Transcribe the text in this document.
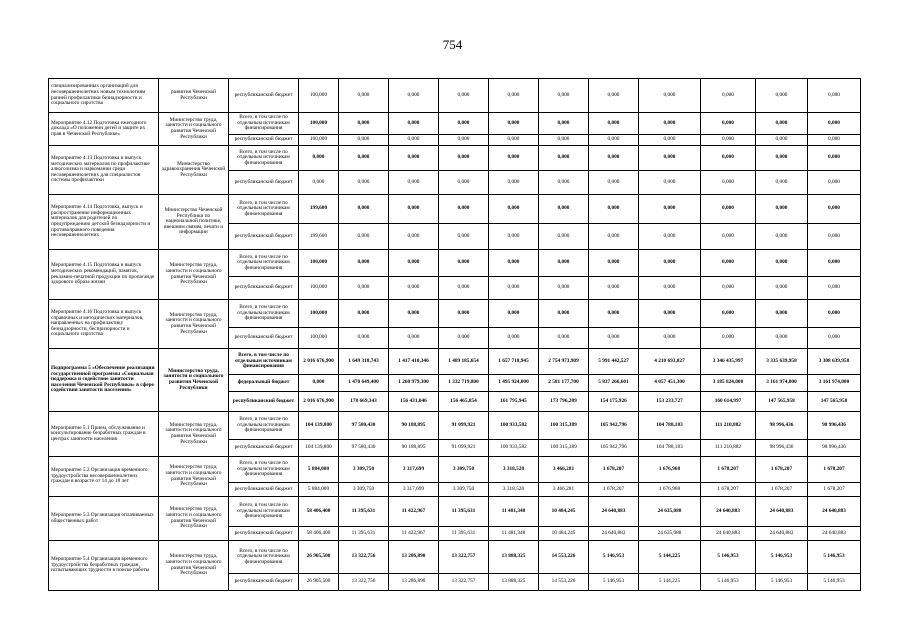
754
специализированных организаций для несовершеннолетних новым технологиям ранней профилактики безнадзорности и социального сиротства	развития Чеченской Республики	республиканский бюджет	100,000	0,000	0,000	0,000	0,000	0,000	0,000	0,000	0,000	0,000	0,000
Мероприятие 4.12 Подготовка ежегодного доклада «О положении детей и защите их прав в Чеченской Республике»	Министерство труда, занятости и социального развития Чеченской Республики	Всего, в том числе по отдельным источникам финансирования	100,000	0,000	0,000	0,000	0,000	0,000	0,000	0,000	0,000	0,000	0,000
		республиканский бюджет	100,000	0,000	0,000	0,000	0,000	0,000	0,000	0,000	0,000	0,000	0,000
Мероприятие 4.13 Подготовка и выпуск методических материалов по профилактике алкоголизма и наркомании среди несовершеннолетних для специалистов системы профилактики	Министерство здравоохранения Чеченской Республики	Всего, в том числе по отдельным источникам финансирования	0,000	0,000	0,000	0,000	0,000	0,000	0,000	0,000	0,000	0,000	0,000
		республиканский бюджет	0,000	0,000	0,000	0,000	0,000	0,000	0,000	0,000	0,000	0,000	0,000
Мероприятие 4.14 Подготовка, выпуск и распространение информационных материалов для родителей по предупреждению детской безнадзорности и противоправного поведения несовершеннолетних	Министерство Чеченской Республики по национальной политике, внешним связям, печати и информации	Всего, в том числе по отдельным источникам финансирования	199,600	0,000	0,000	0,000	0,000	0,000	0,000	0,000	0,000	0,000	0,000
		республиканский бюджет	199,600	0,000	0,000	0,000	0,000	0,000	0,000	0,000	0,000	0,000	0,000
Мероприятие 4.15 Подготовка и выпуск методических рекомендаций, памяток, рекламно-печатной продукции по пропаганде здорового образа жизни	Министерство труда, занятости и социального развития Чеченской Республики	Всего, в том числе по отдельным источникам финансирования	100,000	0,000	0,000	0,000	0,000	0,000	0,000	0,000	0,000	0,000	0,000
		республиканский бюджет	100,000	0,000	0,000	0,000	0,000	0,000	0,000	0,000	0,000	0,000	0,000
Мероприятие 4.16 Подготовка и выпуск справочных и методических материалов, направленных на профилактику безнадзорности, беспризорности и социального сиротства	Министерство труда, занятости и социального развития Чеченской Республики	Всего, в том числе по отдельным источникам финансирования	100,000	0,000	0,000	0,000	0,000	0,000	0,000	0,000	0,000	0,000	0,000
		республиканский бюджет	100,000	0,000	0,000	0,000	0,000	0,000	0,000	0,000	0,000	0,000	0,000
Подпрограмма 5 «Обеспечение реализации государственной программы «Социальная поддержка и содействие занятости населения Чеченской Республики» в сфере содействия занятости населения»	Министерство труда, занятости и социального развития Чеченской Республики	Всего, в том числе по отдельным источникам финансирования	2 016 676,900	1 649 318,743	1 417 410,346	1 489 185,654	1 657 718,945	2 754 973,909	5 991 442,527	4 210 693,027	3 346 435,997	3 335 639,958	3 308 639,958
		федеральный бюджет	0,000	1 470 649,400	1 260 979,300	1 332 719,800	1 495 924,000	2 581 177,700	5 837 266,601	4 057 451,300	3 185 824,000	3 161 974,000	3 161 974,000
		республиканский бюджет	2 016 676,900	178 669,343	156 431,046	156 465,854	161 795,945	173 796,209	154 175,926	153 233,727	160 614,997	147 565,958	147 565,958
Мероприятие 5.1 Прием, обслуживание и консультирование безработных граждан в центрах занятости населения	Министерство труда, занятости и социального развития Чеченской Республики	Всего, в том числе по отдельным источникам финансирования	104 139,800	97 580,430	90 188,895	91 099,921	100 933,582	100 315,389	105 942,796	104 788,183	111 210,882	98 996,436	98 996,436
		республиканский бюджет	104 139,800	97 580,430	90 188,895	91 099,921	100 933,582	100 315,389	105 942,796	104 788,183	111 210,882	98 996,436	98 996,436
Мероприятие 5.2 Организация временного трудоустройства несовершеннолетних граждан в возрасте от 14 до 18 лет	Министерство труда, занятости и социального развития Чеченской Республики	Всего, в том числе по отдельным источникам финансирования	5 884,000	3 309,750	3 317,699	3 309,750	3 318,520	3 466,281	1 678,207	1 676,968	1 678,207	1 678,207	1 678,207
		республиканский бюджет	5 884,000	3 309,750	3 317,699	3 309,750	3 318,520	3 466,281	1 678,207	1 676,968	1 678,207	1 678,207	1 678,207
Мероприятие 5.3 Организация оплачиваемых общественных работ	Министерство труда, занятости и социального развития Чеченской Республики	Всего, в том числе по отдельным источникам финансирования	58 406,400	11 395,631	11 422,967	11 395,631	11 481,348	10 484,245	24 640,883	24 635,088	24 640,883	24 640,883	24 640,883
		республиканский бюджет	58 406,400	11 395,631	11 422,967	11 395,631	11 481,348	10 484,245	24 640,883	24 635,088	24 640,883	24 640,883	24 640,883
Мероприятие 5.4 Организация временного трудоустройства безработных граждан, испытывающих трудности в поиске работы	Министерство труда, занятости и социального развития Чеченской Республики	Всего, в том числе по отдельным источникам финансирования	26 905,500	13 322,756	13 286,890	13 322,757	13 888,325	14 553,226	5 146,953	5 144,225	5 146,953	5 146,953	5 146,953
		республиканский бюджет	26 905,500	13 322,756	13 286,890	13 322,757	13 888,325	14 553,226	5 146,953	5 144,225	5 146,953	5 146,953	5 146,953
